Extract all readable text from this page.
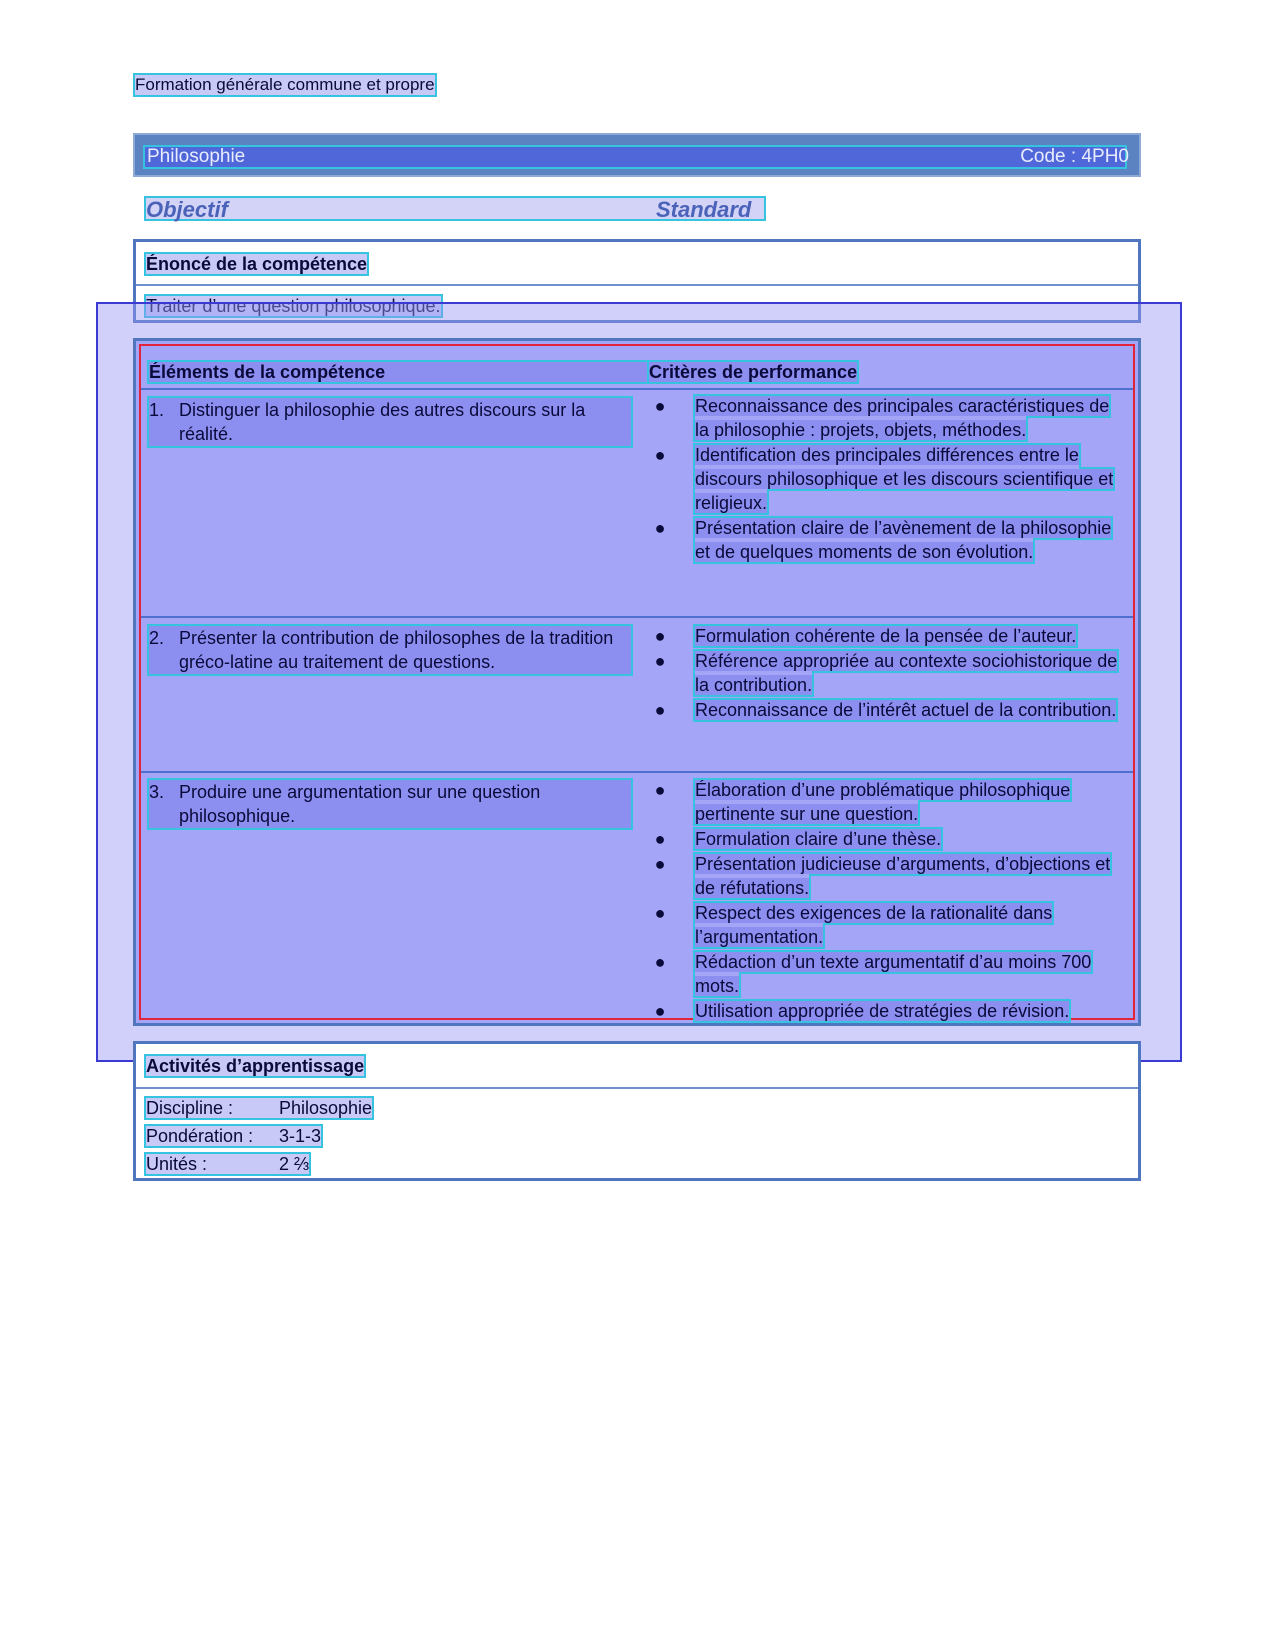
Formation générale commune et propre
Philosophie	Code : 4PH0
Objectif	Standard
Énoncé de la compétence
Traiter d’une question philosophique.
Éléments de la compétence	Critères de performance
1. Distinguer la philosophie des autres discours sur la réalité.
●	Reconnaissance des principales caractéristiques de la philosophie : projets, objets, méthodes.
●	Identification des principales différences entre le discours philosophique et les discours scientifique et religieux.
●	Présentation claire de l’avènement de la philosophie et de quelques moments de son évolution.
2. Présenter la contribution de philosophes de la tradition gréco-latine au traitement de questions.
●	Formulation cohérente de la pensée de l’auteur.
●	Référence appropriée au contexte sociohistorique de la contribution.
●	Reconnaissance de l’intérêt actuel de la contribution.
3. Produire une argumentation sur une question philosophique.
●	Élaboration d’une problématique philosophique pertinente sur une question.
●	Formulation claire d’une thèse.
●	Présentation judicieuse d’arguments, d’objections et de réfutations.
●	Respect des exigences de la rationalité dans l’argumentation.
●	Rédaction d’un texte argumentatif d’au moins 700 mots.
●	Utilisation appropriée de stratégies de révision.
Activités d’apprentissage
Discipline :	Philosophie
Pondération : 3-1-3
Unités :	2 ⅔
